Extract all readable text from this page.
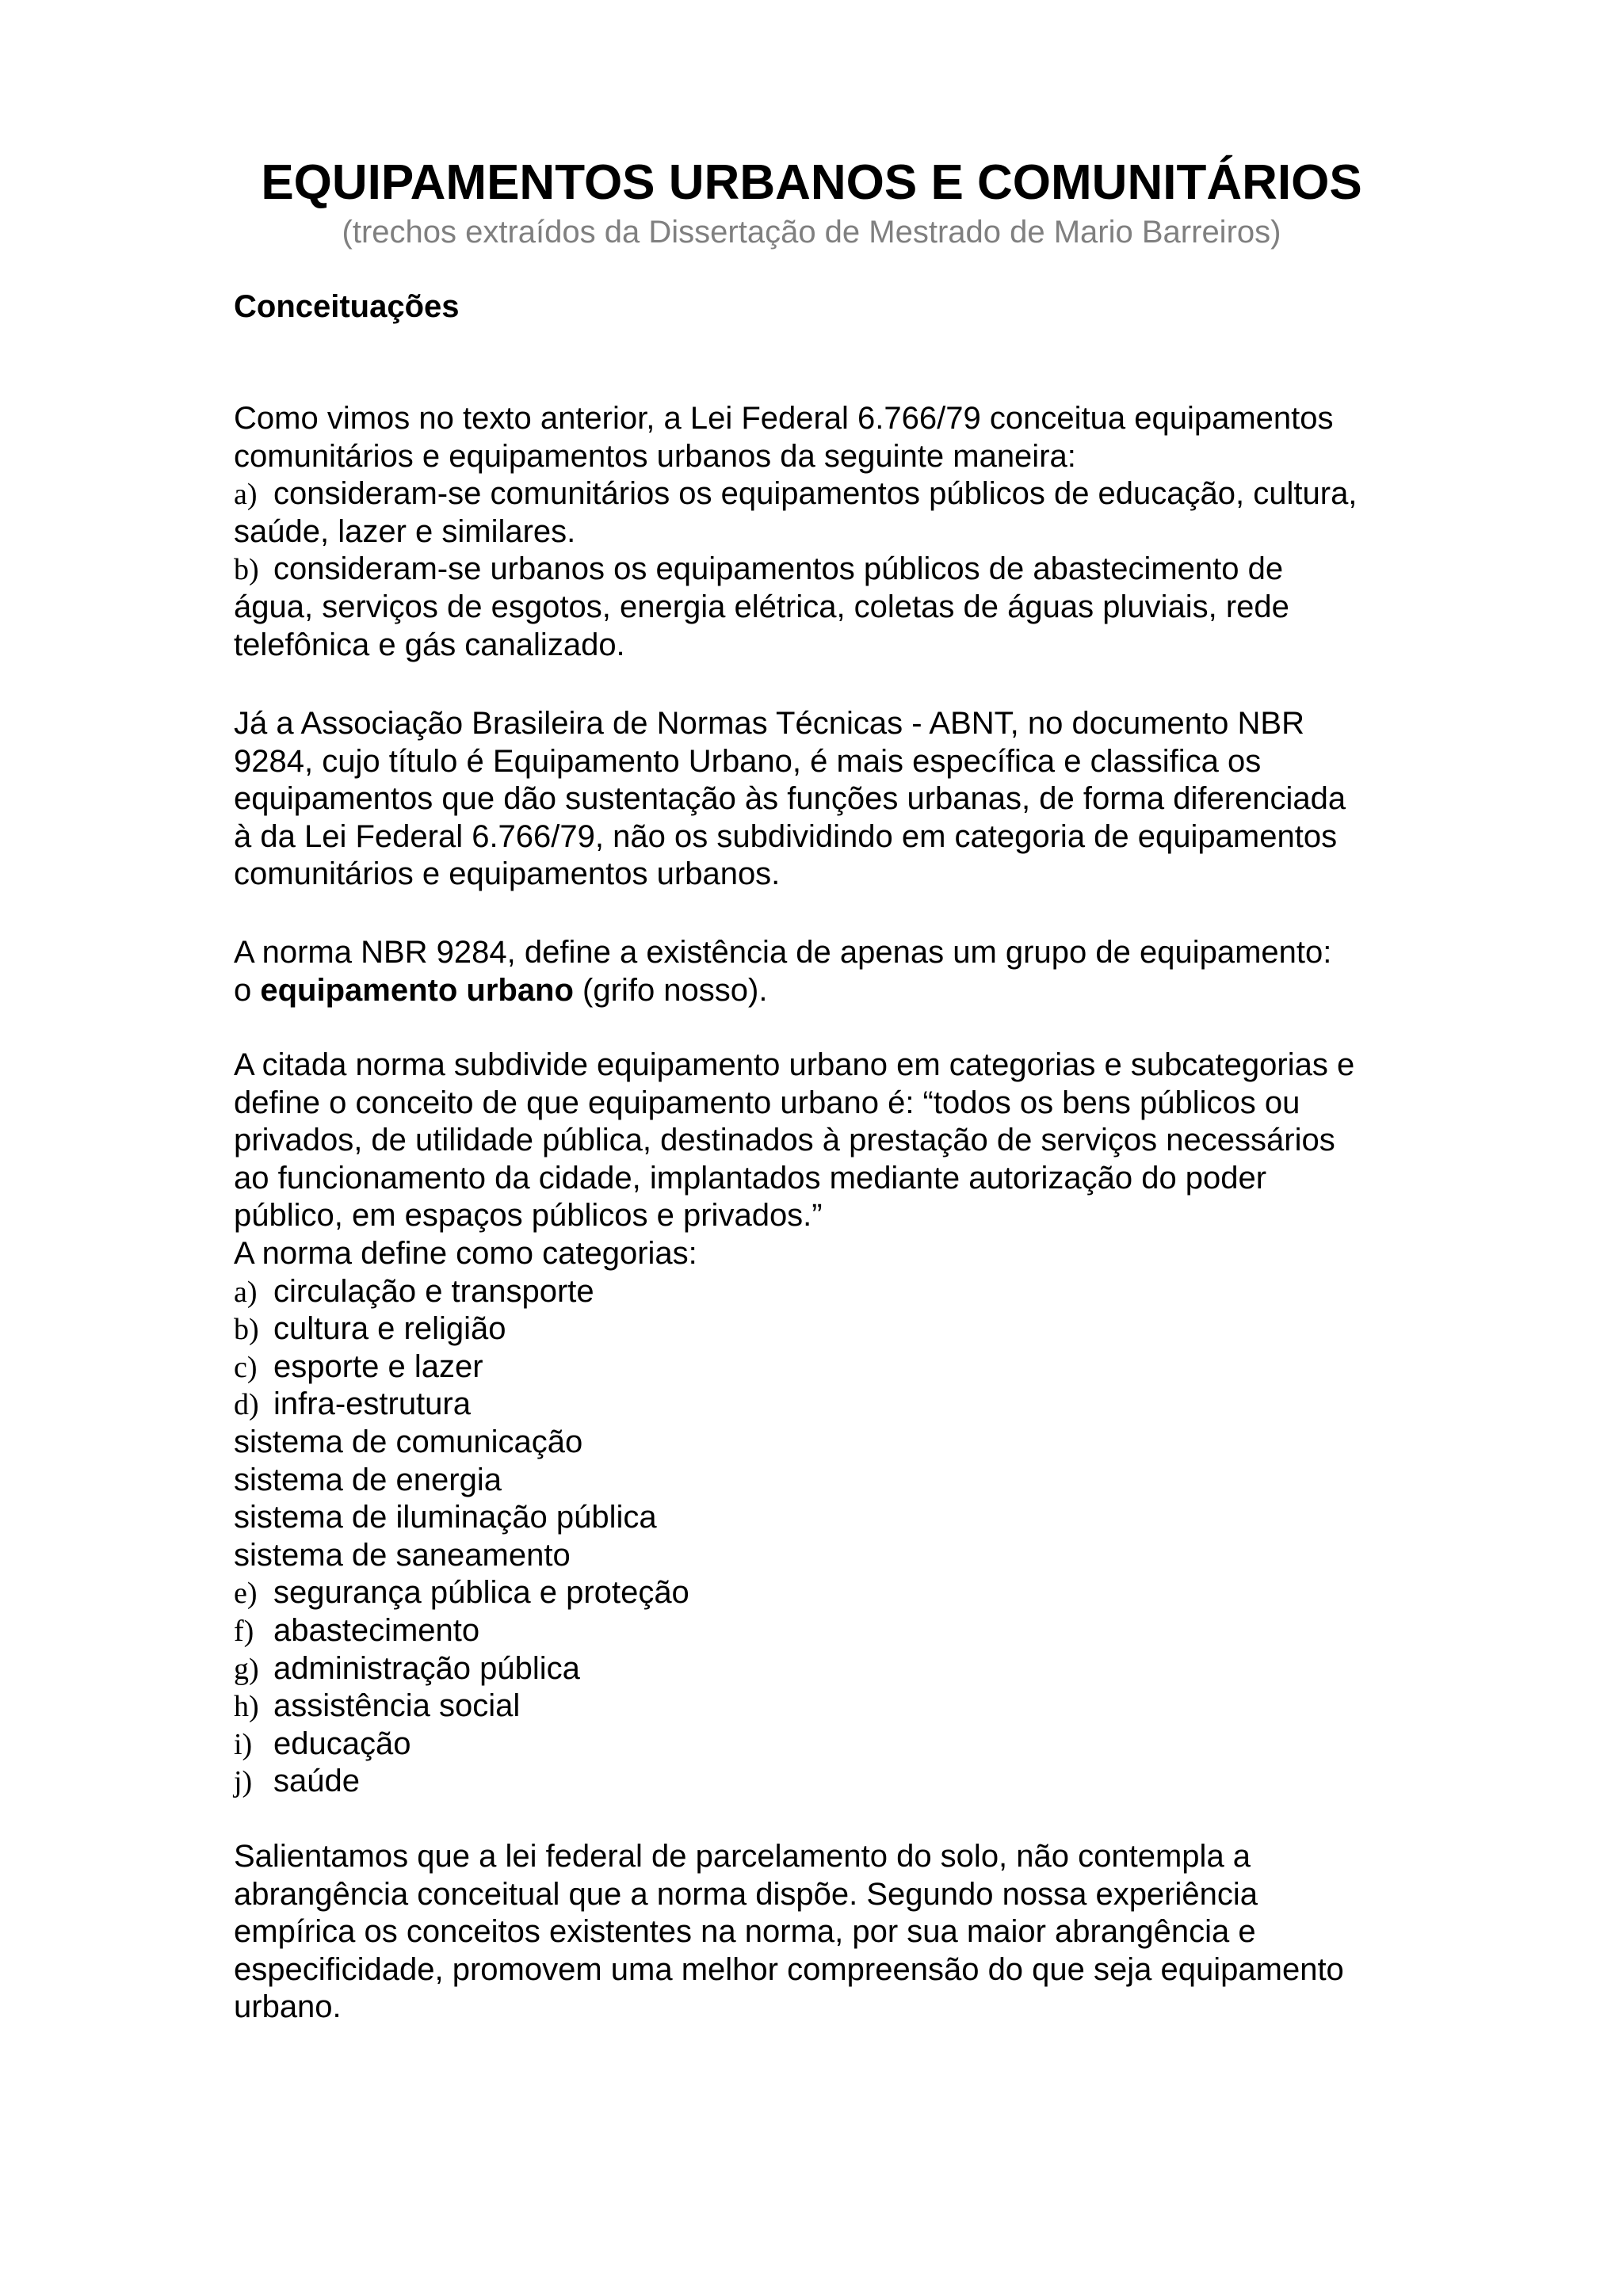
EQUIPAMENTOS URBANOS E COMUNITÁRIOS
(trechos extraídos da Dissertação de Mestrado de Mario Barreiros)
Conceituações
Como vimos no texto anterior, a Lei Federal 6.766/79 conceitua equipamentos
comunitários e equipamentos urbanos da seguinte maneira:
a) consideram-se comunitários os equipamentos públicos de educação, cultura,
saúde, lazer e similares.
b) consideram-se urbanos os equipamentos públicos de abastecimento de
água, serviços de esgotos, energia elétrica, coletas de águas pluviais, rede
telefônica e gás canalizado.
Já a Associação Brasileira de Normas Técnicas - ABNT, no documento NBR
9284, cujo título é Equipamento Urbano, é mais específica e classifica os
equipamentos que dão sustentação às funções urbanas, de forma diferenciada
à da Lei Federal 6.766/79, não os subdividindo em categoria de equipamentos
comunitários e equipamentos urbanos.
A norma NBR 9284, define a existência de apenas um grupo de equipamento:
o equipamento urbano (grifo nosso).
A citada norma subdivide equipamento urbano em categorias e subcategorias e
define o conceito de que equipamento urbano é: “todos os bens públicos ou
privados, de utilidade pública, destinados à prestação de serviços necessários
ao funcionamento da cidade, implantados mediante autorização do poder
público, em espaços públicos e privados.”
A norma define como categorias:
a) circulação e transporte
b) cultura e religião
c) esporte e lazer
d) infra-estrutura
sistema de comunicação
sistema de energia
sistema de iluminação pública
sistema de saneamento
e) segurança pública e proteção
f) abastecimento
g) administração pública
h) assistência social
i) educação
j) saúde
Salientamos que a lei federal de parcelamento do solo, não contempla a
abrangência conceitual que a norma dispõe. Segundo nossa experiência
empírica os conceitos existentes na norma, por sua maior abrangência e
especificidade, promovem uma melhor compreensão do que seja equipamento
urbano.
